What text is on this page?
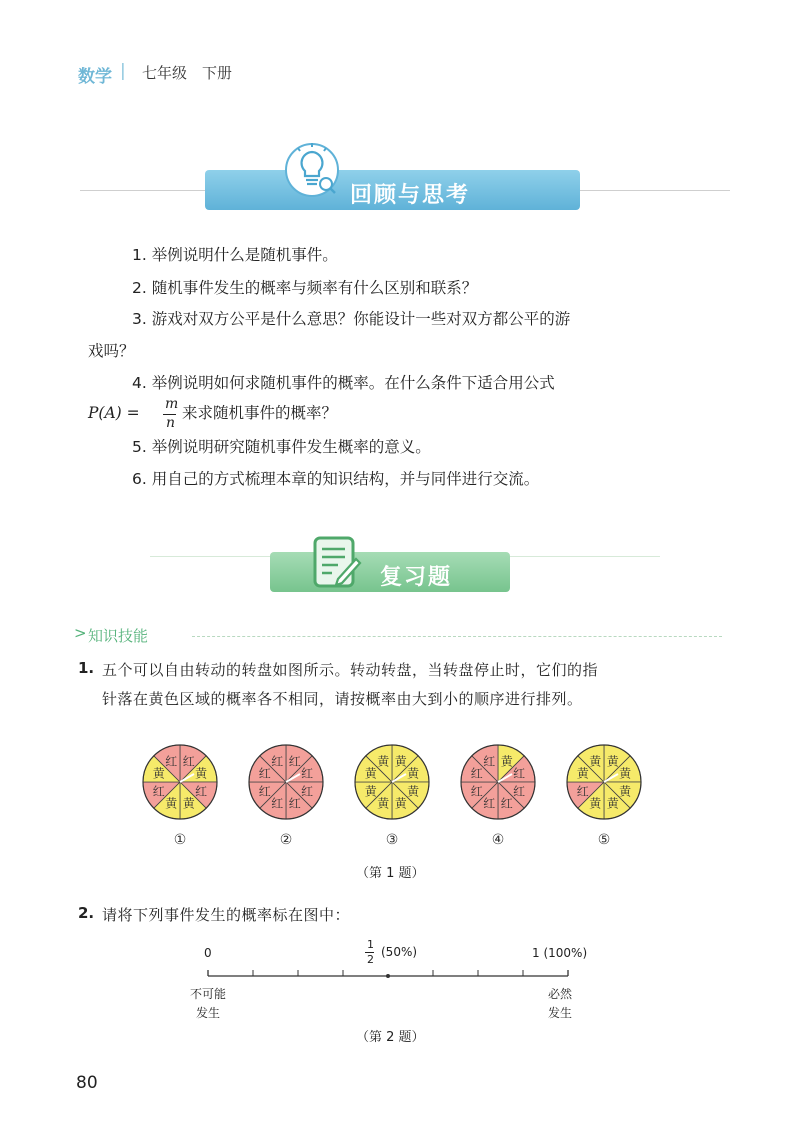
数学 | 七年级　下册
回顾与思考
1. 举例说明什么是随机事件。
2. 随机事件发生的概率与频率有什么区别和联系？
3. 游戏对双方公平是什么意思？你能设计一些对双方都公平的游
戏吗？
4. 举例说明如何求随机事件的概率。在什么条件下适合用公式
P(A) = m
n
来求随机事件的概率？
5. 举例说明研究随机事件发生概率的意义。
6. 用自己的方式梳理本章的知识结构，并与同伴进行交流。
复习题
> 知识技能
1. 五个可以自由转动的转盘如图所示。转动转盘，当转盘停止时，它们的指
针落在黄色区域的概率各不相同，请按概率由大到小的顺序进行排列。
红
黄
红
黄
黄
红
黄
红
①
红
红
红
红
红
红
红
红
②
黄
黄
黄
黄
黄
黄
黄
黄
③
黄
红
红
红
红
红
红
红
④
黄
黄
黄
黄
黄
红
黄
黄
⑤
（第 1 题）
2. 请将下列事件发生的概率标在图中：
0
1
2
(50%)	1 (100%)
不可能
发生
必然
发生
（第 2 题）
80
